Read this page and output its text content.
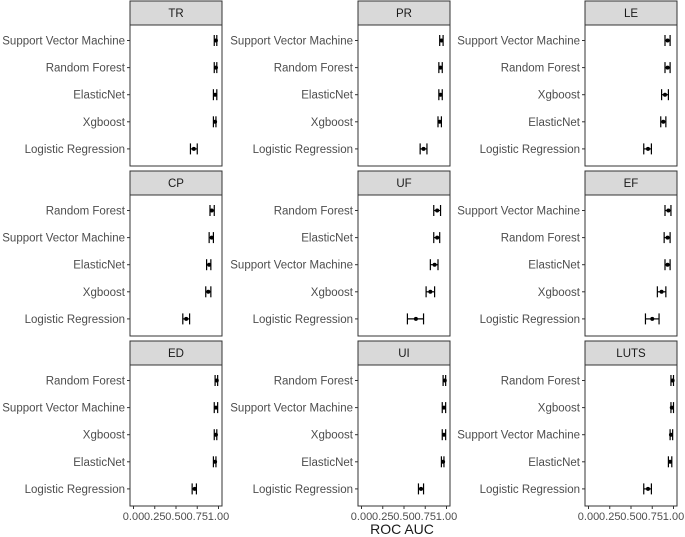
ROC AUC
TR
Support Vector Machine
Random Forest
ElasticNet
Xgboost
Logistic Regression
PR
Support Vector Machine
Random Forest
ElasticNet
Xgboost
Logistic Regression
LE
Support Vector Machine
Random Forest
Xgboost
ElasticNet
Logistic Regression
CP
Random Forest
Support Vector Machine
ElasticNet
Xgboost
Logistic Regression
UF
Random Forest
ElasticNet
Support Vector Machine
Xgboost
Logistic Regression
EF
Support Vector Machine
Random Forest
ElasticNet
Xgboost
Logistic Regression
ED
Random Forest
Support Vector Machine
Xgboost
ElasticNet
Logistic Regression
0.00 0.25 0.50 0.75 1.00
UI
Random Forest
Support Vector Machine
Xgboost
ElasticNet
Logistic Regression
0.00 0.25 0.50 0.75 1.00
LUTS
Random Forest
Xgboost
Support Vector Machine
ElasticNet
Logistic Regression
0.00 0.25 0.50 0.75 1.00
